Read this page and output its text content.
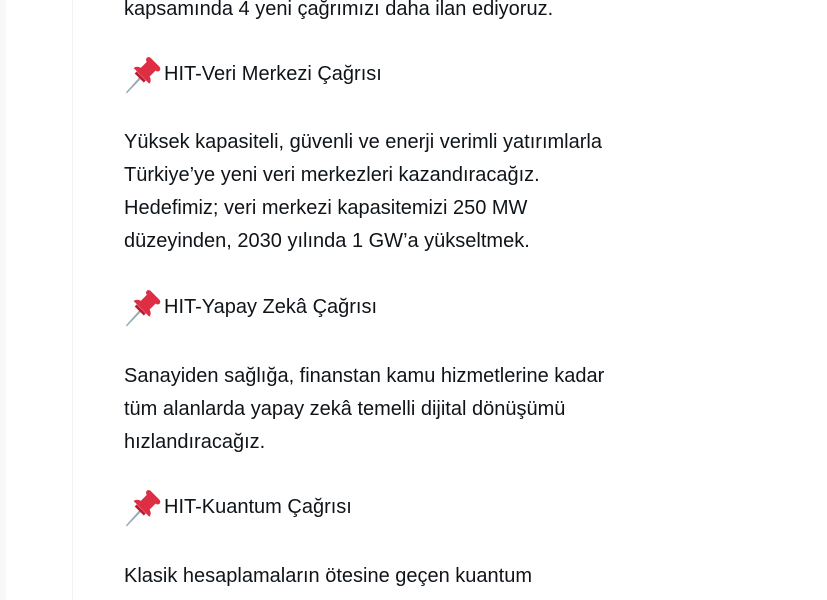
kapsamında 4 yeni çağrımızı daha ilan ediyoruz.
HIT-Veri Merkezi Çağrısı
Yüksek kapasiteli, güvenli ve enerji verimli yatırımlarla
Türkiye’ye yeni veri merkezleri kazandıracağız.
Hedefimiz; veri merkezi kapasitemizi 250 MW
düzeyinden, 2030 yılında 1 GW’a yükseltmek.
HIT-Yapay Zekâ Çağrısı
Sanayiden sağlığa, finanstan kamu hizmetlerine kadar
tüm alanlarda yapay zekâ temelli dijital dönüşümü
hızlandıracağız.
HIT-Kuantum Çağrısı
Klasik hesaplamaların ötesine geçen kuantum
